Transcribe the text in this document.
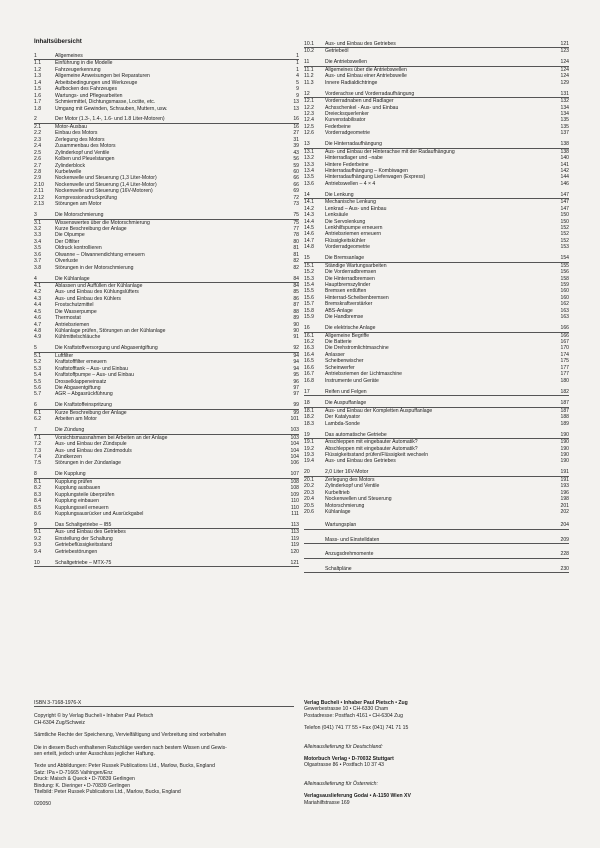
Inhaltsübersicht
1	Allgemeines	1
1.1	Einführung in die Modelle	1
1.2	Fahrzeugerkennung	1
1.3	Allgemeine Anweisungen bei Reparaturen	4
1.4	Arbeitsbedingungen und Werkzeuge	5
1.5	Aufbocken des Fahrzeuges	9
1.6	Wartungs- und Pflegearbeiten	9
1.7	Schmiermittel, Dichtungsmasse, Loctite, etc.	13
1.8	Umgang mit Gewinden, Schrauben, Muttern, usw.	13
2	Der Motor (1.3-, 1.4-, 1.6- und 1.8 Liter-Motoren)	16
2.1	Motor-Ausbau	16
2.2	Einbau des Motors	27
2.3	Zerlegung des Motors	31
2.4	Zusammenbau des Motors	39
2.5	Zylinderkopf und Ventile	43
2.6	Kolben und Pleuelstangen	56
2.7	Zylinderblock	59
2.8	Kurbelwelle	60
2.9	Nockenwelle und Steuerung (1,3 Liter-Motor)	66
2.10	Nockenwelle und Steuerung (1,4 Liter-Motor)	66
2.11	Nockenwelle und Steuerung (16V-Motoren)	69
2.12	Kompressionsdruckprüfung	72
2.13	Störungen am Motor	73
3	Die Motorschmierung	75
3.1	Wissenswertes über die Motorschmierung	75
3.2	Kurze Beschreibung der Anlage	77
3.3	Die Ölpumpe	78
3.4	Der Ölfilter	80
3.5	Öldruck kontrollieren	81
3.6	Ölwanne – Ölwannendichtung erneuern	81
3.7	Ölverluste	82
3.8	Störungen in der Motorschmierung	82
4	Die Kühlanlage	84
4.1	Ablassen und Auffüllen der Kühlanlage	84
4.2	Aus- und Einbau des Kühlungslüfters	85
4.3	Aus- und Einbau des Kühlers	86
4.4	Frostschutzmittel	87
4.5	Die Wasserpumpe	88
4.6	Thermostat	89
4.7	Antriebsriemen	90
4.8	Kühlanlage prüfen, Störungen an der Kühlanlage	90
4.9	Kühlmittelschläuche	91
5	Die Kraftstoffversorgung und Abgasentgiftung	92
5.1	Luftfilter	94
5.2	Kraftstofffilter erneuern	94
5.3	Kraftstofftank – Aus- und Einbau	94
5.4	Kraftstoffpumpe – Aus- und Einbau	95
5.5	Drosselklappeneinsatz	96
5.6	Die Abgasentgiftung	97
5.7	AGR – Abgasrückführung	97
6	Die Kraftstoffeinspritzung	99
6.1	Kurze Beschreibung der Anlage	99
6.2	Arbeiten am Motor	101
7	Die Zündung	103
7.1	Vorsichtsmassnahmen bei Arbeiten an der Anlage	103
7.2	Aus- und Einbau der Zündspule	104
7.3	Aus- und Einbau des Zündmoduls	104
7.4	Zündkerzen	104
7.5	Störungen in der Zündanlage	106
8	Die Kupplung	107
8.1	Kupplung prüfen	108
8.2	Kupplung ausbauen	108
8.3	Kupplungsteile überprüfen	109
8.4	Kupplung einbauen	110
8.5	Kupplungsseil erneuern	110
8.6	Kupplungsausrücker und Ausrückgabel	111
9	Das Schaltgetriebe – IB5	113
9.1	Aus- und Einbau des Getriebes	113
9.2	Einstellung der Schaltung	119
9.3	Getriebeflüssigkeitsstand	119
9.4	Getriebestörungen	120
10	Schaltgetriebe – MTX-75	121
10.1	Aus- und Einbau des Getriebes	121
10.2	Getriebeöl	123
11	Die Antriebswellen	124
11.1	Allgemeines über die Antriebswellen	124
11.2	Aus- und Einbau einer Antriebswelle	124
11.3	Innere Radialdichtringe	129
12	Vorderachse und Vorderradaufhängung	131
12.1	Vorderradnaben und Radlager	132
12.2	Achsschenkel - Aus- und Einbau	134
12.3	Dreiecksquerlenker	134
12.4	Kurvenstabilisator	135
12.5	Federbeine	135
12.6	Vorderradgeometrie	137
13	Die Hinterradaufhängung	138
13.1	Aus- und Einbau der Hinterachse mit der Radaufhängung	138
13.2	Hinterradlager und –nabe	140
13.3	Hintere Federbeine	141
13.4	Hinterradaufhängung – Kombiwagen	142
13.5	Hinterradaufhängung Lieferwagen (Express)	144
13.6	Antriebswellen – 4 × 4	146
14	Die Lenkung	147
14.1	Mechanische Lenkung	147
14.2	Lenkrad – Aus- und Einbau	147
14.3	Lenksäule	150
14.4	Die Servolenkung	150
14.5	Lenkhilfspumpe erneuern	152
14.6	Antriebsriemen erneuern	152
14.7	Flüssigkeitskühler	152
14.8	Vorderradgeometrie	153
15	Die Bremsanlage	154
15.1	Ständige Wartungsarbeiten	155
15.2	Die Vorderradbremsen	156
15.3	Die Hinterradbremsen	158
15.4	Hauptbremszylinder	159
15.5	Bremsen entlüften	160
15.6	Hinterrad-Scheibenbremsen	160
15.7	Bremskraftverstärker	162
15.8	ABS-Anlage	163
15.9	Die Handbremse	163
16	Die elektrische Anlage	166
16.1	Allgemeine Begriffe	166
16.2	Die Batterie	167
16.3	Die Drehstromlichtmaschine	170
16.4	Anlasser	174
16.5	Scheibenwischer	175
16.6	Scheinwerfer	177
16.7	Antriebsriemen der Lichtmaschine	177
16.8	Instrumente und Geräte	180
17	Reifen und Felgen	182
18	Die Auspuffanlage	187
18.1	Aus- und Einbau der Kompletten Auspuffanlage	187
18.2	Der Katalysator	188
18.3	Lambda-Sonde	189
19	Das automatische Getriebe	190
19.1	Anschleppen mit eingebauter Automatik?	190
19.2	Abschleppen mit eingebauter Automatik?	190
19.3	Flüssigkeitsstand prüfen/Flüssigkeit wechseln	190
19.4	Aus- und Einbau des Getriebes	190
20	2,0 Liter 16V-Motor	191
20.1	Zerlegung des Motors	191
20.2	Zylinderkopf und Ventile	193
20.3	Kurbeltrieb	196
20.4	Nockenwellen und Steuerung	198
20.5	Motorschmierung	201
20.6	Kühlanlage	202
Wartungsplan	204
Mass- und Einstelldaten	209
Anzugsdrehmomente	228
Schaltpläne	230
ISBN 3-7168-1976-X
Copyright © by Verlag Bucheli • Inhaber Paul Pietsch
CH-6304 Zug/Schweiz
Sämtliche Rechte der Speicherung, Vervielfältigung und Verbreitung sind vorbehalten
Die in diesem Buch enthaltenen Ratschläge werden nach bestem Wissen und Gewis-
sen erteilt, jedoch unter Ausschluss jeglicher Haftung.
Texte und Abbildungen: Peter Russek Publications Ltd., Marlow, Bucks, England
Satz: IPa • D-71665 Vaihingen/Enz
Druck: Maisch & Queck • D-70839 Gerlingen
Bindung: K. Dieringer • D-70839 Gerlingen
Titelbild: Peter Russek Publications Ltd., Marlow, Bucks, England
020050
Verlag Bucheli • Inhaber Paul Pietsch • Zug
Gewerbestrasse 10 • CH-6330 Cham
Postadresse: Postfach 4161 • CH-6304 Zug
Telefon (041) 741 77 55 • Fax (041) 741 71 15
Alleinauslieferung für Deutschland:
Motorbuch Verlag • D-70032 Stuttgart
Olgastrasse 86 • Postfach 10 37 43
Alleinauslieferung für Österreich:
Verlagsauslieferung Godai • A-1150 Wien XV
Mariahilfstrasse 169
